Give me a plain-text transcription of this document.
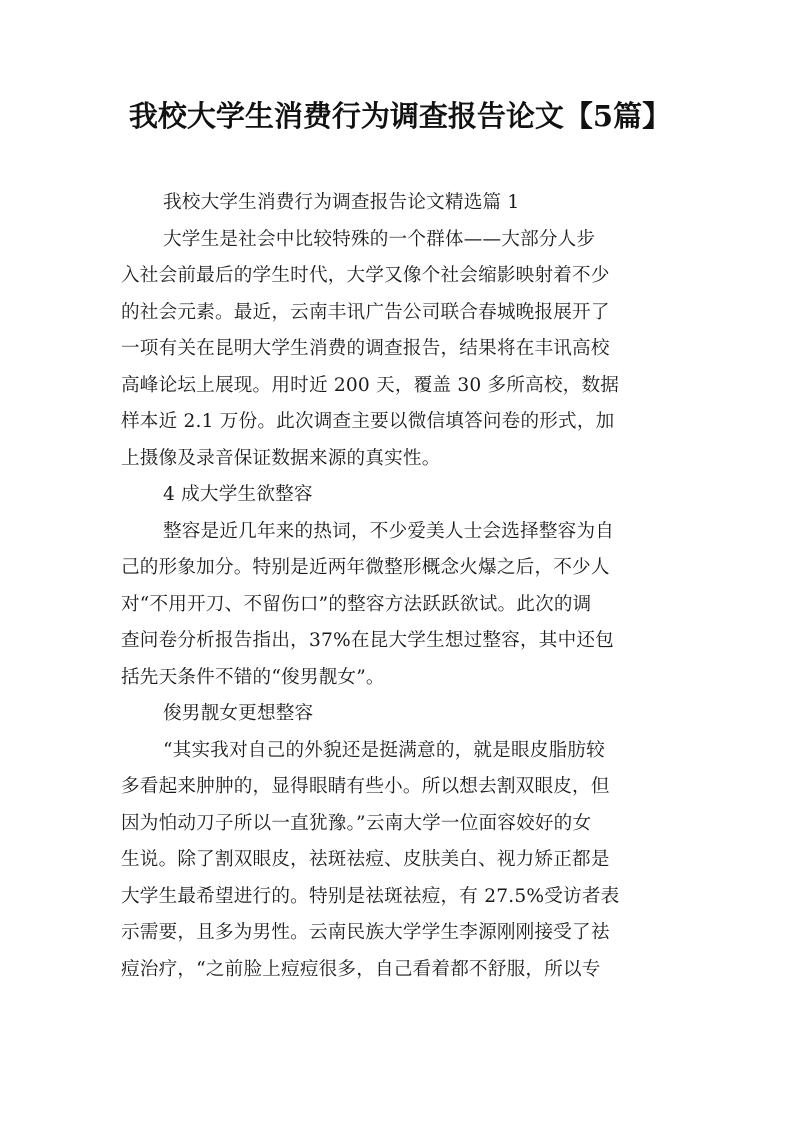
我校大学生消费行为调查报告论文【5篇】
我校大学生消费行为调查报告论文精选篇 1
大学生是社会中比较特殊的一个群体——大部分人步
入社会前最后的学生时代，大学又像个社会缩影映射着不少
的社会元素。最近，云南丰讯广告公司联合春城晚报展开了
一项有关在昆明大学生消费的调查报告，结果将在丰讯高校
高峰论坛上展现。用时近 200 天，覆盖 30 多所高校，数据
样本近 2.1 万份。此次调查主要以微信填答问卷的形式，加
上摄像及录音保证数据来源的真实性。
4 成大学生欲整容
整容是近几年来的热词，不少爱美人士会选择整容为自
己的形象加分。特别是近两年微整形概念火爆之后，不少人
对“不用开刀、不留伤口”的整容方法跃跃欲试。此次的调
查问卷分析报告指出，37%在昆大学生想过整容，其中还包
括先天条件不错的“俊男靓女”。
俊男靓女更想整容
“其实我对自己的外貌还是挺满意的，就是眼皮脂肪较
多看起来肿肿的，显得眼睛有些小。所以想去割双眼皮，但
因为怕动刀子所以一直犹豫。”云南大学一位面容姣好的女
生说。除了割双眼皮，祛斑祛痘、皮肤美白、视力矫正都是
大学生最希望进行的。特别是祛斑祛痘，有 27.5%受访者表
示需要，且多为男性。云南民族大学学生李源刚刚接受了祛
痘治疗，“之前脸上痘痘很多，自己看着都不舒服，所以专
